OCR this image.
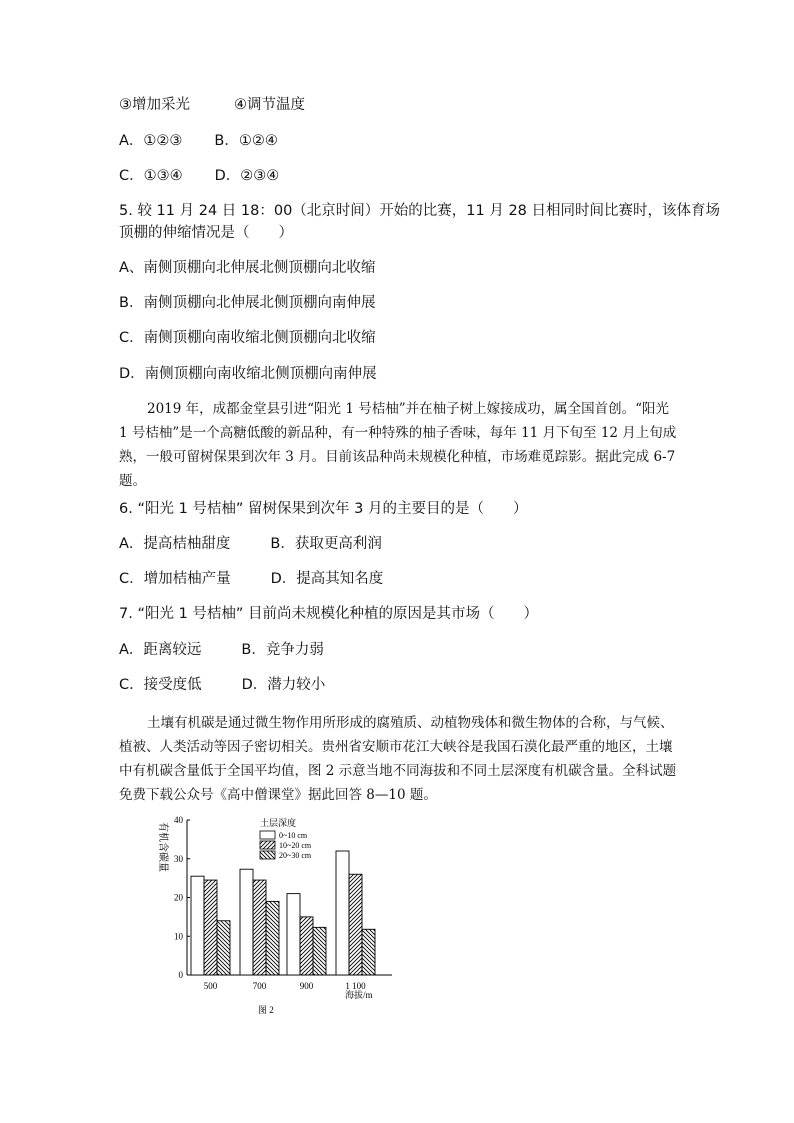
③增加采光	④调节温度
A．①②③ B．①②④
C．①③④ D．②③④
5. 较 11 月 24 日 18：00（北京时间）开始的比赛，11 月 28 日相同时间比赛时，该体育场
顶棚的伸缩情况是（　　）
A、南侧顶棚向北伸展北侧顶棚向北收缩
B．南侧顶棚向北伸展北侧顶棚向南伸展
C．南侧顶棚向南收缩北侧顶棚向北收缩
D．南侧顶棚向南收缩北侧顶棚向南伸展
2019 年，成都金堂县引进“阳光 1 号桔柚”并在柚子树上嫁接成功，属全国首创。“阳光 1 号桔柚”是一个高糖低酸的新品种，有一种特殊的柚子香味，每年 11 月下旬至 12 月上旬成熟，一般可留树保果到次年 3 月。目前该品种尚未规模化种植，市场难觅踪影。据此完成 6-7 题。
6. “阳光 1 号桔柚” 留树保果到次年 3 月的主要目的是（　　）
A．提高桔柚甜度	B．获取更高利润
C．增加桔柚产量	D．提高其知名度
7. “阳光 1 号桔柚” 目前尚未规模化种植的原因是其市场（　　）
A．距离较远	B．竞争力弱
C．接受度低	D．潜力较小
土壤有机碳是通过微生物作用所形成的腐殖质、动植物残体和微生物体的合称，与气候、植被、人类活动等因子密切相关。贵州省安顺市花江大峡谷是我国石漠化最严重的地区，土壤中有机碳含量低于全国平均值，图 2 示意当地不同海拔和不同土层深度有机碳含量。全科试题免费下载公众号《高中僧课堂》据此回答 8—10 题。
有机含碳量
0
10
20
30
40
500	700	900	1 100
海拔/m
土层深度
0~10 cm
10~20 cm
20~30 cm
图 2
